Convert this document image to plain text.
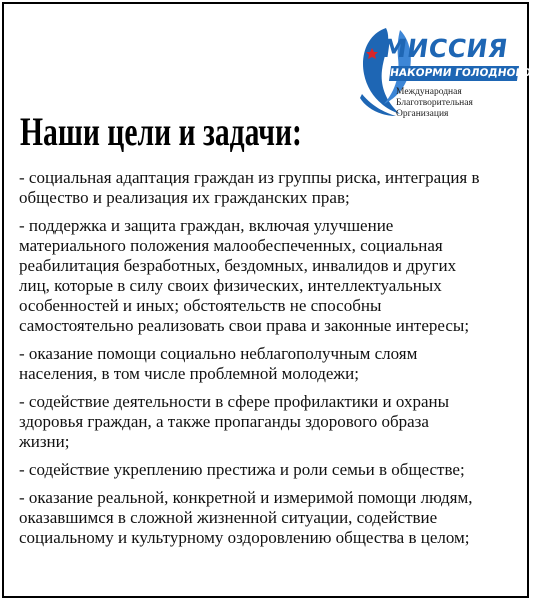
МИССИЯ
НАКОРМИ ГОЛОДНОГО
Международная
Благотворительная
Организация
Наши цели и задачи:
- социальная адаптация граждан из группы риска, интеграция в
общество и реализация их гражданских прав;
- поддержка и защита граждан, включая улучшение
материального положения малообеспеченных, социальная
реабилитация безработных, бездомных, инвалидов и других
лиц, которые в силу своих физических, интеллектуальных
особенностей и иных; обстоятельств не способны
самостоятельно реализовать свои права и законные интересы;
- оказание помощи социально неблагополучным слоям
населения, в том числе проблемной молодежи;
- содействие деятельности в сфере профилактики и охраны
здоровья граждан, а также пропаганды здорового образа
жизни;
- содействие укреплению престижа и роли семьи в обществе;
- оказание реальной, конкретной и измеримой помощи людям,
оказавшимся в сложной жизненной ситуации, содействие
социальному и культурному оздоровлению общества в целом;
